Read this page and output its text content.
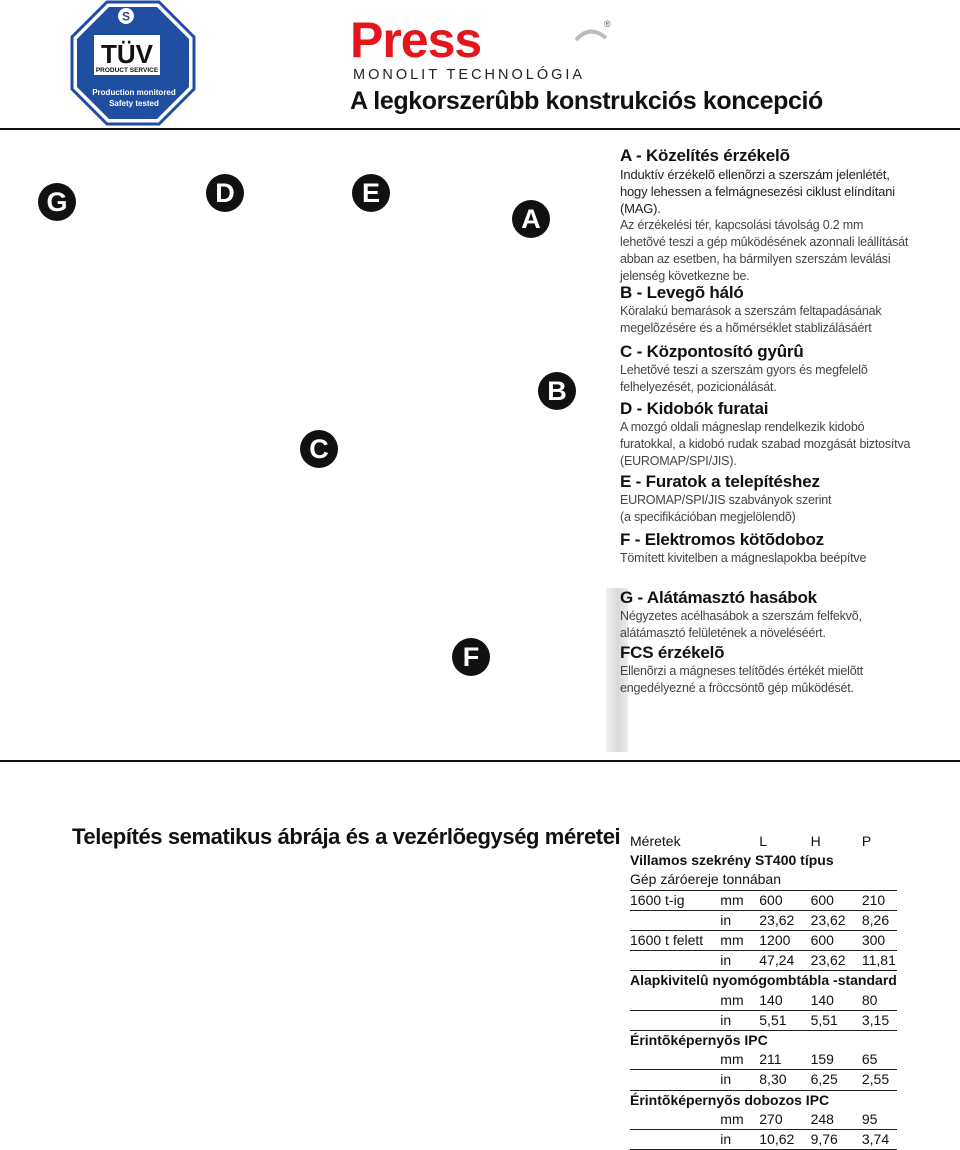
S
TÜV
PRODUCT SERVICE
Production monitored
Safety tested
Press	®
MONOLIT TECHNOLÓGIA
A legkorszerûbb konstrukciós koncepció
G	D	E
A
B
C
F
A - Közelítés érzékelõ

Induktív érzékelõ ellenõrzi a szerszám jelenlétét,

hogy lehessen a felmágnesezési ciklust elíndítani

(MAG).

Az érzékelési tér, kapcsolási távolság 0.2 mm

lehetõvé teszi a gép mûködésének azonnali leállítását

abban az esetben, ha bármilyen szerszám leválási

jelenség következne be.

B - Levegõ háló

Köralakú bemarások a szerszám feltapadásának

megelõzésére és a hõmérséklet stablizálásáért

C - Központosító gyûrû

Lehetõvé teszi a szerszám gyors és megfelelõ

felhelyezését, pozicionálását.

D - Kidobók furatai

A mozgó oldali mágneslap rendelkezik kidobó

furatokkal, a kidobó rudak szabad mozgását biztosítva

(EUROMAP/SPI/JIS).

E - Furatok a telepítéshez

EUROMAP/SPI/JIS szabványok szerint

(a specifikációban megjelölendõ)

F - Elektromos kötõdoboz

Tömített kivitelben a mágneslapokba beépítve

G - Alátámasztó hasábok

Négyzetes acélhasábok a szerszám felfekvõ,

alátámasztó felületének a növeléséért.

FCS érzékelõ

Ellenõrzi a mágneses telítõdés értékét mielõtt

engedélyezné a fröccsöntõ gép mûködését.

Telepítés sematikus ábrája és a vezérlõegység méretei Méretek		L	H	P
Villamos szekrény ST400 típus				
Gép záróereje tonnában				
1600 t-ig	mm	600	600	210
	in	23,62	23,62	8,26
1600 t felett	mm	1200	600	300
	in	47,24	23,62	11,81
Alapkivitelû nyomógombtábla -standard				
	mm	140	140	80
	in	5,51	5,51	3,15
Érintõképernyõs IPC				
	mm	211	159	65
	in	8,30	6,25	2,55
Érintõképernyõs dobozos IPC				
	mm	270	248	95
	in	10,62	9,76	3,74
